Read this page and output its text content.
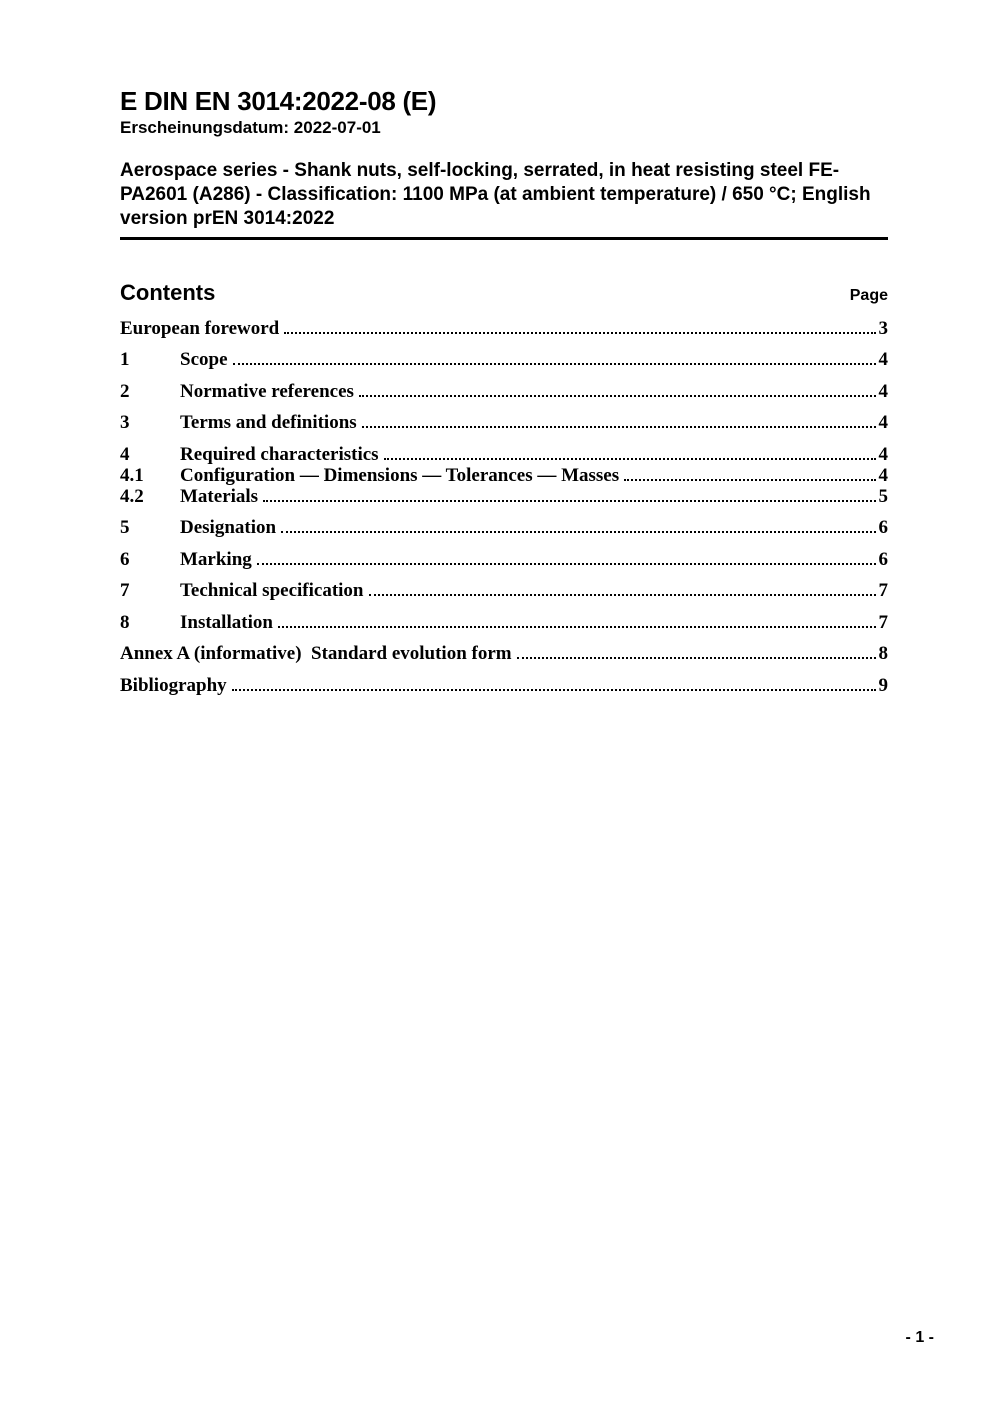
E DIN EN 3014:2022-08 (E)
Erscheinungsdatum: 2022-07-01
Aerospace series - Shank nuts, self-locking, serrated, in heat resisting steel FE-PA2601 (A286) - Classification: 1100 MPa (at ambient temperature) / 650 °C; English version prEN 3014:2022
Contents	Page
European foreword	3
1	Scope	4
2	Normative references	4
3	Terms and definitions	4
4	Required characteristics	4
4.1	Configuration — Dimensions — Tolerances — Masses	4
4.2	Materials	5
5	Designation	6
6	Marking	6
7	Technical specification	7
8	Installation	7
Annex A (informative)  Standard evolution form	8
Bibliography	9
- 1 -
